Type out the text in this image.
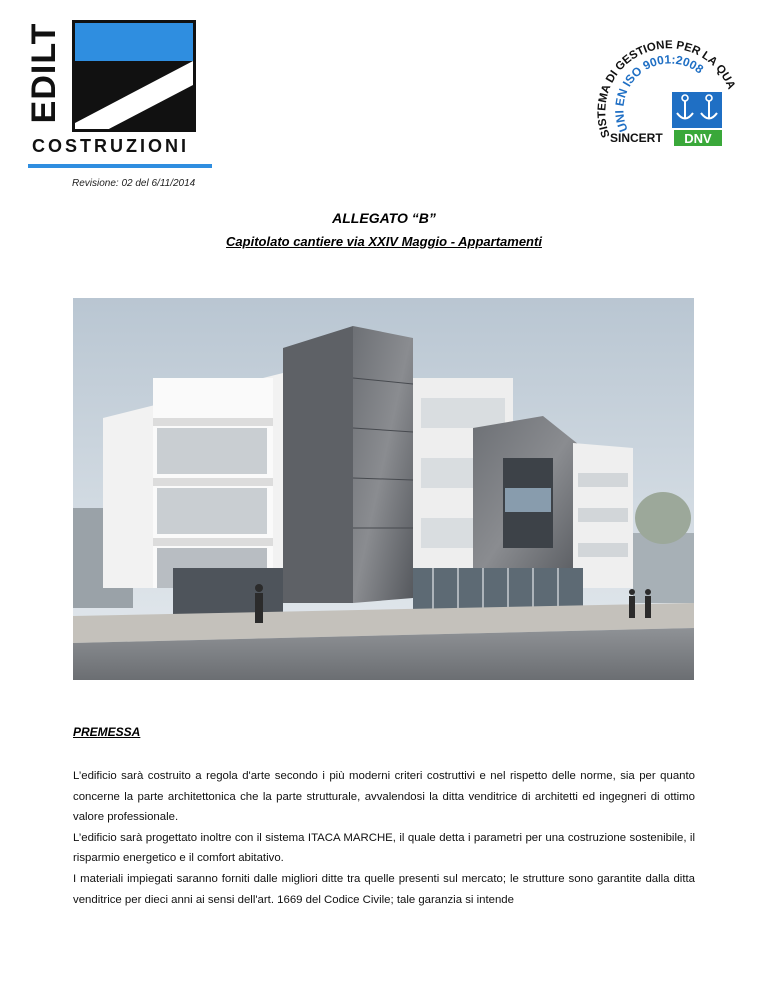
EDILT
COSTRUZIONI
Revisione: 02 del 6/11/2014
SISTEMA DI GESTIONE PER LA QUA
UNI EN ISO 9001:2008
SINCERT DNV
ALLEGATO “B”
Capitolato cantiere via XXIV Maggio - Appartamenti
PREMESSA

L’edificio sarà costruito a regola d'arte secondo i più moderni criteri costruttivi e nel rispetto delle norme, sia per quanto concerne la parte architettonica che la parte strutturale, avvalendosi la ditta venditrice di architetti ed ingegneri di ottimo valore professionale.

L’edificio sarà progettato inoltre con il sistema ITACA MARCHE, il quale detta i parametri per una costruzione sostenibile, il risparmio energetico e il comfort abitativo.

I materiali impiegati saranno forniti dalle migliori ditte tra quelle presenti sul mercato; le strutture sono garantite dalla ditta venditrice per dieci anni ai sensi dell'art. 1669 del Codice Civile; tale garanzia si intende
